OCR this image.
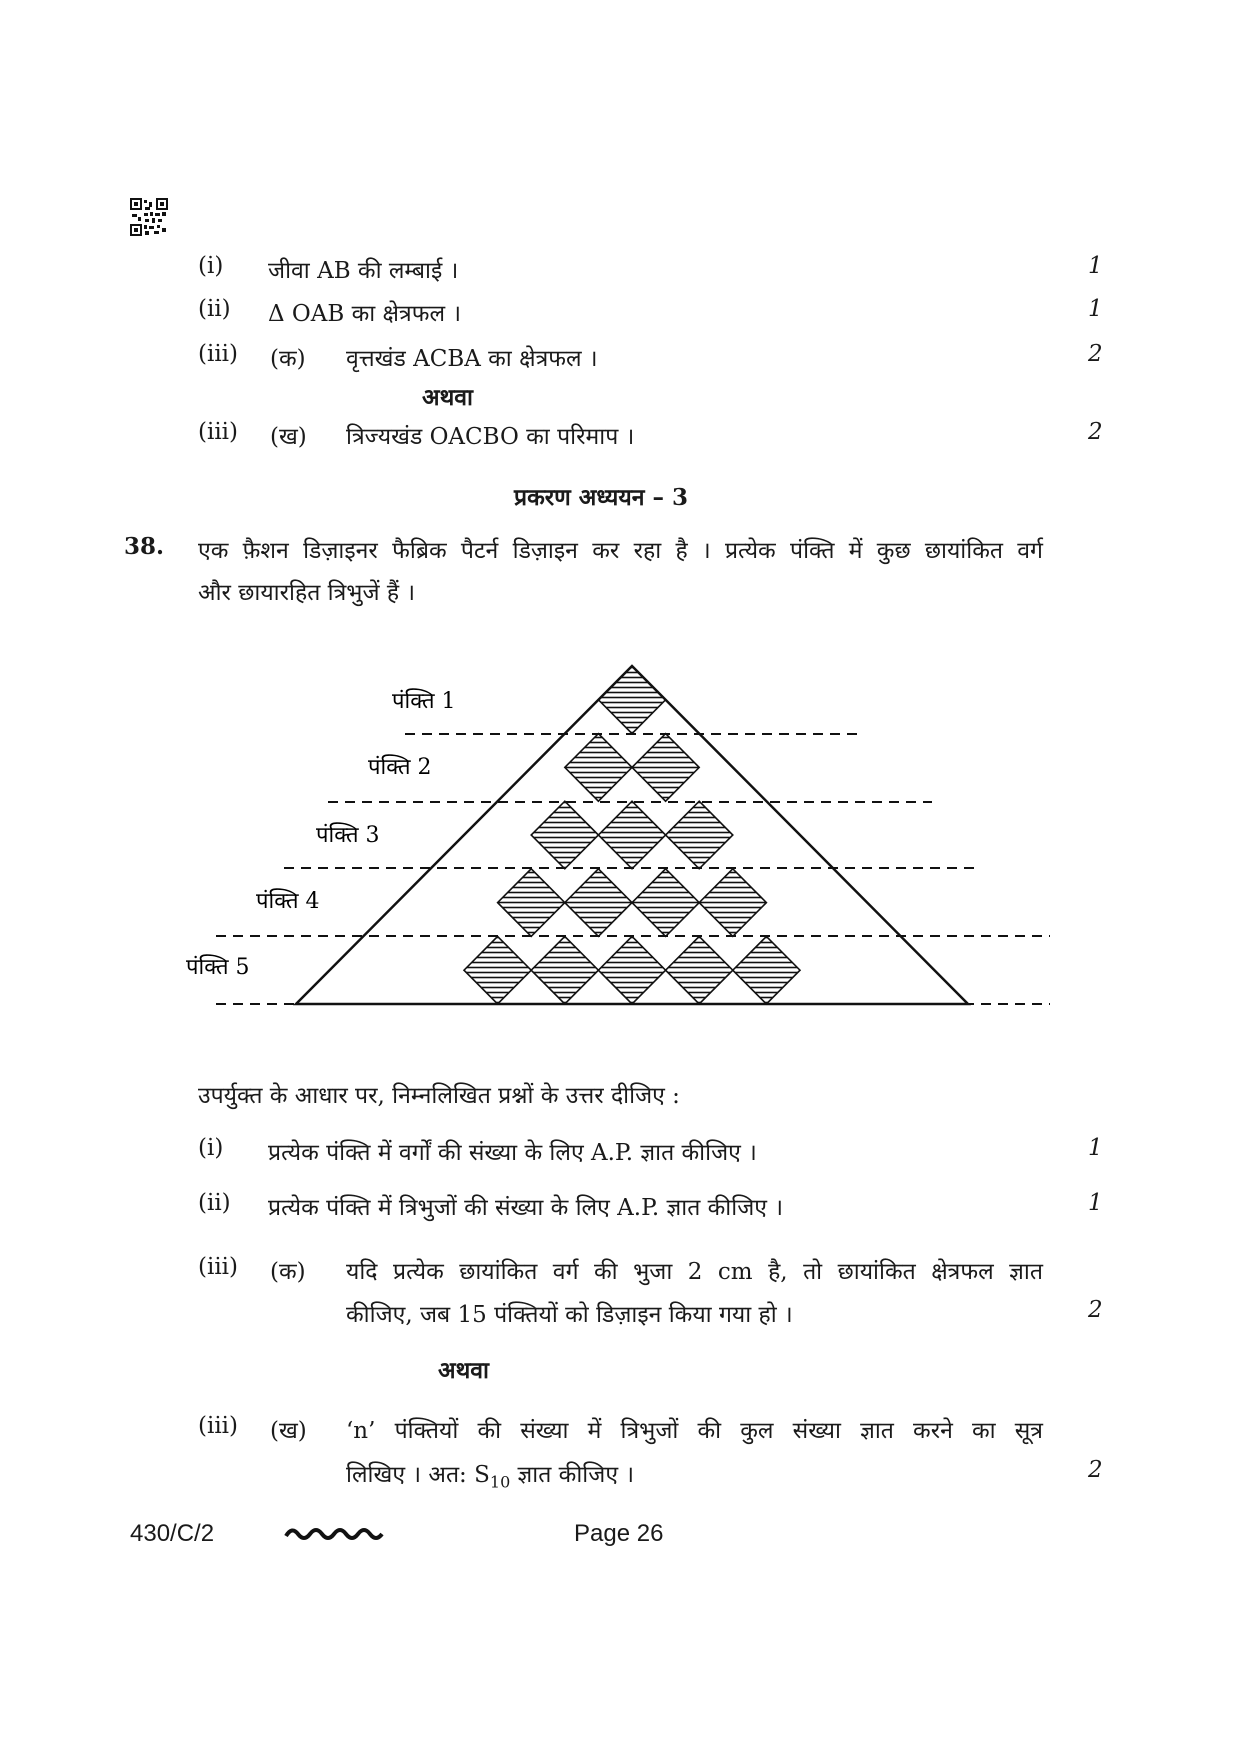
(i) जीवा AB की लम्बाई ।	1
(ii) Δ OAB का क्षेत्रफल ।	1
(iii) (क) वृत्तखंड ACBA का क्षेत्रफल ।	2
अथवा
(iii) (ख) त्रिज्यखंड OACBO का परिमाप ।	2
प्रकरण अध्ययन – 3
38. एक फ़ैशन डिज़ाइनर फैब्रिक पैटर्न डिज़ाइन कर रहा है । प्रत्येक पंक्ति में कुछ छायांकित वर्ग
और छायारहित त्रिभुजें हैं ।
पंक्ति 1
पंक्ति 2
पंक्ति 3
पंक्ति 4
पंक्ति 5
उपर्युक्त के आधार पर, निम्नलिखित प्रश्नों के उत्तर दीजिए :
(i) प्रत्येक पंक्ति में वर्गों की संख्या के लिए A.P. ज्ञात कीजिए ।	1
(ii) प्रत्येक पंक्ति में त्रिभुजों की संख्या के लिए A.P. ज्ञात कीजिए ।	1
(iii) (क) यदि प्रत्येक छायांकित वर्ग की भुजा 2 cm है, तो छायांकित क्षेत्रफल ज्ञात
कीजिए, जब 15 पंक्तियों को डिज़ाइन किया गया हो ।	2
अथवा
(iii) (ख) ‘n’ पंक्तियों की संख्या में त्रिभुजों की कुल संख्या ज्ञात करने का सूत्र
लिखिए । अत: $S_{10}$ ज्ञात कीजिए ।	2
430/C/2	Page 26
